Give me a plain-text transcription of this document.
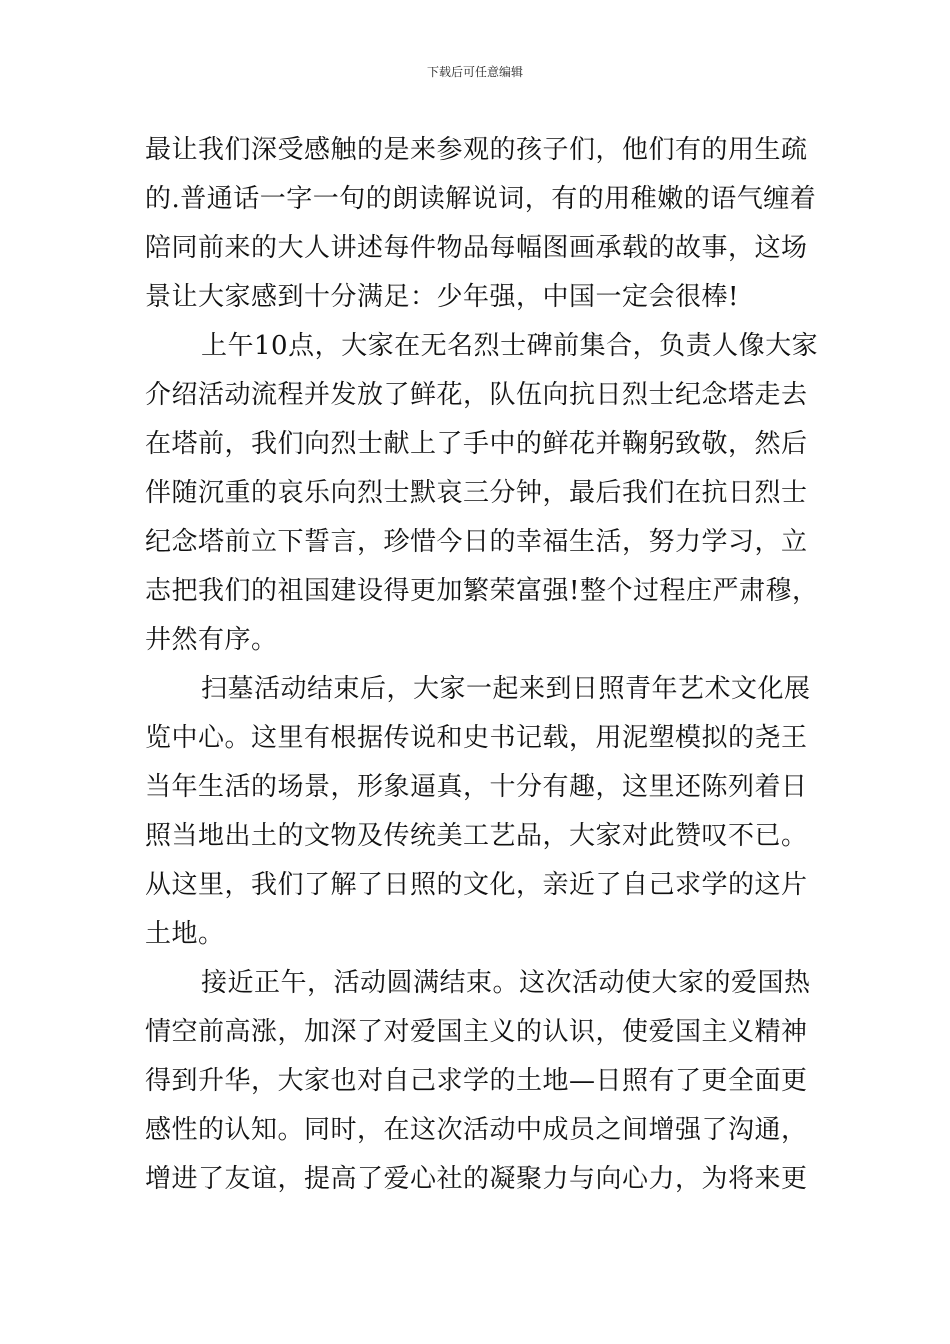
下载后可任意编辑
最让我们深受感触的是来参观的孩子们，他们有的用生疏
的.普通话一字一句的朗读解说词，有的用稚嫩的语气缠着
陪同前来的大人讲述每件物品每幅图画承载的故事，这场
景让大家感到十分满足：少年强，中国一定会很棒!
上午10点，大家在无名烈士碑前集合，负责人像大家
介绍活动流程并发放了鲜花，队伍向抗日烈士纪念塔走去
在塔前，我们向烈士献上了手中的鲜花并鞠躬致敬，然后
伴随沉重的哀乐向烈士默哀三分钟，最后我们在抗日烈士
纪念塔前立下誓言，珍惜今日的幸福生活，努力学习，立
志把我们的祖国建设得更加繁荣富强!整个过程庄严肃穆，
井然有序。
扫墓活动结束后，大家一起来到日照青年艺术文化展
览中心。这里有根据传说和史书记载，用泥塑模拟的尧王
当年生活的场景，形象逼真，十分有趣，这里还陈列着日
照当地出土的文物及传统美工艺品，大家对此赞叹不已。
从这里，我们了解了日照的文化，亲近了自己求学的这片
土地。
接近正午，活动圆满结束。这次活动使大家的爱国热
情空前高涨，加深了对爱国主义的认识，使爱国主义精神
得到升华，大家也对自己求学的土地—日照有了更全面更
感性的认知。同时，在这次活动中成员之间增强了沟通，
增进了友谊，提高了爱心社的凝聚力与向心力，为将来更
